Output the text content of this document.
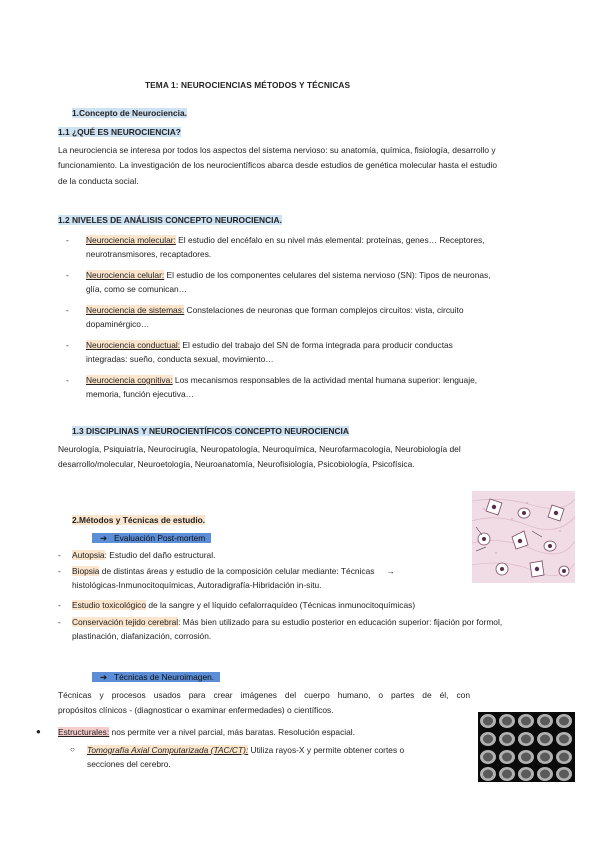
TEMA 1: NEUROCIENCIAS MÉTODOS Y TÉCNICAS
1.Concepto de Neurociencia.
1.1 ¿QUÉ ES NEUROCIENCIA?
La neurociencia se interesa por todos los aspectos del sistema nervioso: su anatomía, química, fisiología, desarrollo y
funcionamiento. La investigación de los neurocientíficos abarca desde estudios de genética molecular hasta el estudio
de la conducta social.
1.2 NIVELES DE ANÁLISIS CONCEPTO NEUROCIENCIA.
- Neurociencia molecular: El estudio del encéfalo en su nivel más elemental: proteínas, genes… Receptores,
neurotransmisores, recaptadores.
- Neurociencia celular: El estudio de los componentes celulares del sistema nervioso (SN): Tipos de neuronas,
glía, como se comunican…
- Neurociencia de sistemas: Constelaciones de neuronas que forman complejos circuitos: vista, circuito
dopaminérgico…
- Neurociencia conductual: El estudio del trabajo del SN de forma integrada para producir conductas
integradas: sueño, conducta sexual, movimiento…
- Neurociencia cognitiva: Los mecanismos responsables de la actividad mental humana superior: lenguaje,
memoria, función ejecutiva…
1.3 DISCIPLINAS Y NEUROCIENTÍFICOS CONCEPTO NEUROCIENCIA
Neurología, Psiquiatría, Neurocirugía, Neuropatología, Neuroquímica, Neurofarmacología, Neurobiología del
desarrollo/molecular, Neuroetología, Neuroanatomía, Neurofisiología, Psicobiología, Psicofísica.
2.Métodos y Técnicas de estudio.
➔ Evaluación Post-mortem
- Autopsia: Estudio del daño estructural.
- Biopsia de distintas áreas y estudio de la composición celular mediante: Técnicas →
histológicas-Inmunocitoquímicas, Autoradigrafía-Hibridación in-situ.
- Estudio toxicológico de la sangre y el líquido cefalorraquídeo (Técnicas inmunocitoquímicas)
- Conservación tejido cerebral: Más bien utilizado para su estudio posterior en educación superior: fijación por formol,
plastinación, diafanización, corrosión.
➔ Técnicas de Neuroimagen.
Técnicas y procesos usados para crear imágenes del cuerpo humano, o partes de él, con
propósitos clínicos - (diagnosticar o examinar enfermedades) o científicos.
● Estructurales: nos permite ver a nivel parcial, más baratas. Resolución espacial.
○ Tomografía Axial Computarizada (TAC/CT): Utiliza rayos-X y permite obtener cortes o
secciones del cerebro.
